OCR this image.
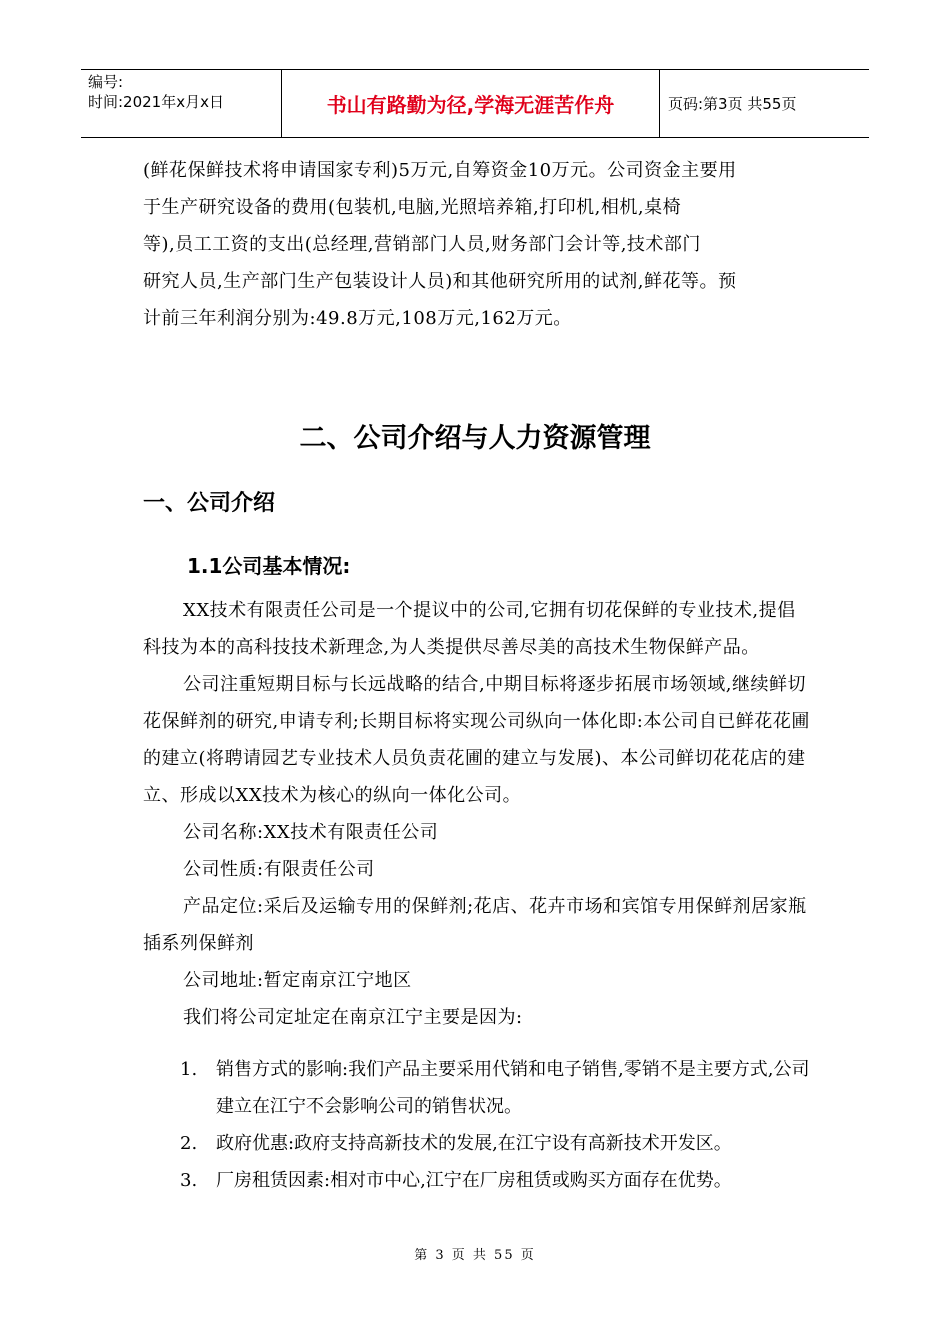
编号:
时间:2021年x月x日	书山有路勤为径,学海无涯苦作舟	页码:第3页 共55页

(鲜花保鲜技术将申请国家专利)5万元,自筹资金10万元。公司资金主要用

于生产研究设备的费用(包装机,电脑,光照培养箱,打印机,相机,桌椅

等),员工工资的支出(总经理,营销部门人员,财务部门会计等,技术部门

研究人员,生产部门生产包装设计人员)和其他研究所用的试剂,鲜花等。预

计前三年利润分别为:49.8万元,108万元,162万元。

二、公司介绍与人力资源管理
一、公司介绍
1.1公司基本情况:

XX技术有限责任公司是一个提议中的公司,它拥有切花保鲜的专业技术,提倡科技为本的高科技技术新理念,为人类提供尽善尽美的高技术生物保鲜产品。

公司注重短期目标与长远战略的结合,中期目标将逐步拓展市场领域,继续鲜切花保鲜剂的研究,申请专利;长期目标将实现公司纵向一体化即:本公司自已鲜花花圃的建立(将聘请园艺专业技术人员负责花圃的建立与发展)、本公司鲜切花花店的建立、形成以XX技术为核心的纵向一体化公司。

公司名称:XX技术有限责任公司

公司性质:有限责任公司

产品定位:采后及运输专用的保鲜剂;花店、花卉市场和宾馆专用保鲜剂居家瓶插系列保鲜剂

公司地址:暂定南京江宁地区

我们将公司定址定在南京江宁主要是因为:

1.	销售方式的影响:我们产品主要采用代销和电子销售,零销不是主要方式,公司建立在江宁不会影响公司的销售状况。
2.	政府优惠:政府支持高新技术的发展,在江宁设有高新技术开发区。
3.	厂房租赁因素:相对市中心,江宁在厂房租赁或购买方面存在优势。
第 3 页 共 55 页
